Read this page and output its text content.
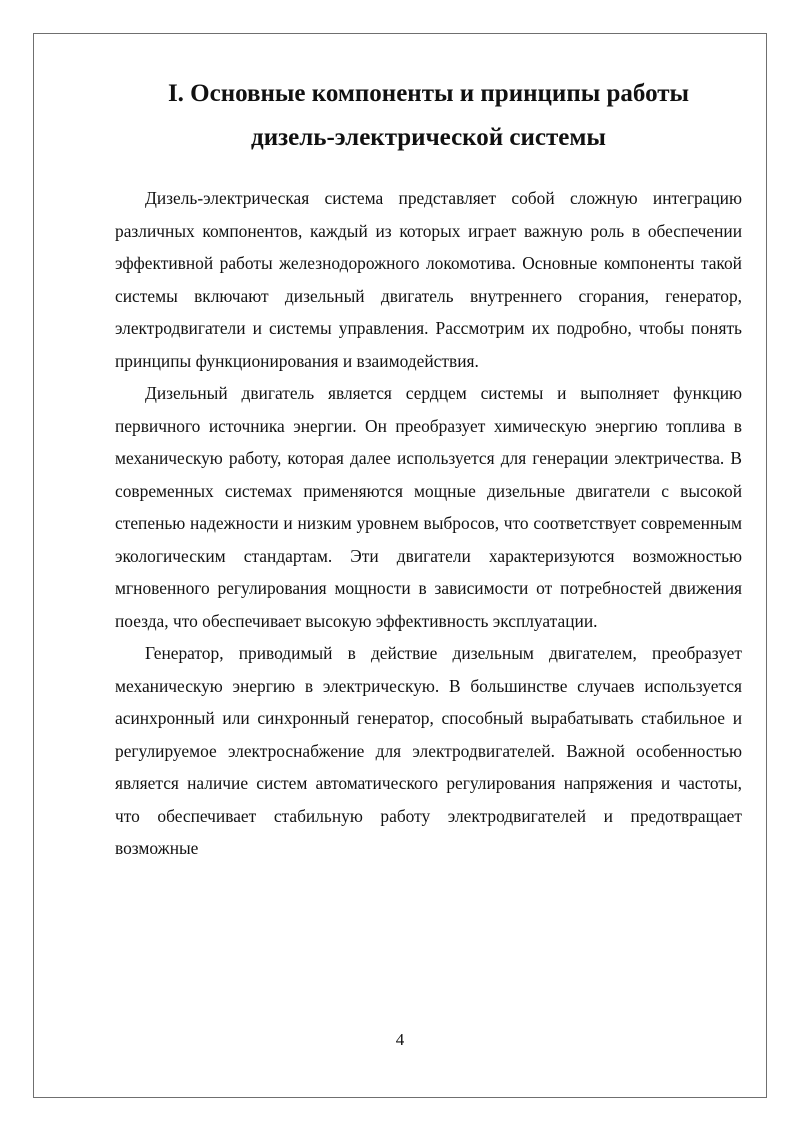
I. Основные компоненты и принципы работы
дизель-электрической системы

Дизель-электрическая система представляет собой сложную интеграцию различных компонентов, каждый из которых играет важную роль в обеспечении эффективной работы железнодорожного локомотива. Основные компоненты такой системы включают дизельный двигатель внутреннего сгорания, генератор, электродвигатели и системы управления. Рассмотрим их подробно, чтобы понять принципы функционирования и взаимодействия.

Дизельный двигатель является сердцем системы и выполняет функцию первичного источника энергии. Он преобразует химическую энергию топлива в механическую работу, которая далее используется для генерации электричества. В современных системах применяются мощные дизельные двигатели с высокой степенью надежности и низким уровнем выбросов, что соответствует современным экологическим стандартам. Эти двигатели характеризуются возможностью мгновенного регулирования мощности в зависимости от потребностей движения поезда, что обеспечивает высокую эффективность эксплуатации.

Генератор, приводимый в действие дизельным двигателем, преобразует механическую энергию в электрическую. В большинстве случаев используется асинхронный или синхронный генератор, способный вырабатывать стабильное и регулируемое электроснабжение для электродвигателей. Важной особенностью является наличие систем автоматического регулирования напряжения и частоты, что обеспечивает стабильную работу электродвигателей и предотвращает возможные

4
